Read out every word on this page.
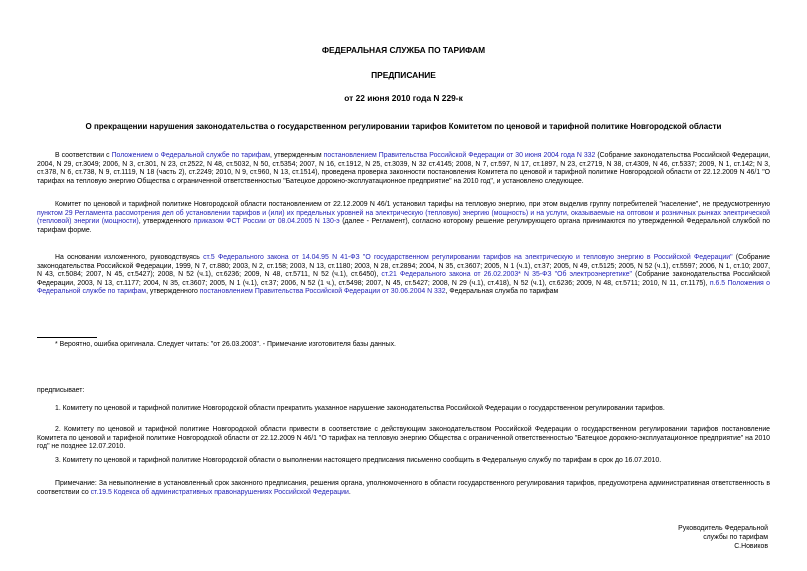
ФЕДЕРАЛЬНАЯ СЛУЖБА ПО ТАРИФАМ
ПРЕДПИСАНИЕ
от 22 июня 2010 года N 229-к
О прекращении нарушения законодательства о государственном регулировании тарифов Комитетом по ценовой и тарифной политике Новгородской области
В соответствии с Положением о Федеральной службе по тарифам, утвержденным постановлением Правительства Российской Федерации от 30 июня 2004 года N 332 (Собрание законодательства Российской Федерации, 2004, N 29, ст.3049; 2006, N 3, ст.301, N 23, ст.2522, N 48, ст.5032, N 50, ст.5354; 2007, N 16, ст.1912, N 25, ст.3039, N 32 ст.4145; 2008, N 7, ст.597, N 17, ст.1897, N 23, ст.2719, N 38, ст.4309, N 46, ст.5337; 2009, N 1, ст.142; N 3, ст.378, N 6, ст.738, N 9, ст.1119, N 18 (часть 2), ст.2249; 2010, N 9, ст.960, N 13, ст.1514), проведена проверка законности постановления Комитета по ценовой и тарифной политике Новгородской области от 22.12.2009 N 46/1 "О тарифах на тепловую энергию Общества с ограниченной ответственностью "Батецкое дорожно-эксплуатационное предприятие" на 2010 год", и установлено следующее.
Комитет по ценовой и тарифной политике Новгородской области постановлением от 22.12.2009 N 46/1 установил тарифы на тепловую энергию, при этом выделив группу потребителей "население", не предусмотренную пунктом 29 Регламента рассмотрения дел об установлении тарифов и (или) их предельных уровней на электрическую (тепловую) энергию (мощность) и на услуги, оказываемые на оптовом и розничных рынках электрической (тепловой) энергии (мощности), утвержденного приказом ФСТ России от 08.04.2005 N 130-э (далее - Регламент), согласно которому решение регулирующего органа принимаются по утвержденной Федеральной службой по тарифам форме.
На основании изложенного, руководствуясь ст.5 Федерального закона от 14.04.95 N 41-ФЗ "О государственном регулировании тарифов на электрическую и тепловую энергию в Российской Федерации" (Собрание законодательства Российской Федерации, 1999, N 7, ст.880; 2003, N 2, ст.158; 2003, N 13, ст.1180; 2003, N 28, ст.2894; 2004, N 35, ст.3607; 2005, N 1 (ч.1), ст.37; 2005, N 49, ст.5125; 2005, N 52 (ч.1), ст.5597; 2006, N 1, ст.10; 2007, N 43, ст.5084; 2007, N 45, ст.5427); 2008, N 52 (ч.1), ст.6236; 2009, N 48, ст.5711, N 52 (ч.1), ст.6450), ст.21 Федерального закона от 26.02.2003* N 35-ФЗ "Об электроэнергетике" (Собрание законодательства Российской Федерации, 2003, N 13, ст.1177; 2004, N 35, ст.3607; 2005, N 1 (ч.1), ст.37; 2006, N 52 (1 ч.), ст.5498; 2007, N 45, ст.5427; 2008, N 29 (ч.1), ст.418), N 52 (ч.1), ст.6236; 2009, N 48, ст.5711; 2010, N 11, ст.1175), п.6.5 Положения о Федеральной службе по тарифам, утвержденного постановлением Правительства Российской Федерации от 30.06.2004 N 332, Федеральная служба по тарифам
* Вероятно, ошибка оригинала. Следует читать: "от 26.03.2003". - Примечание изготовителя базы данных.
предписывает:
1. Комитету по ценовой и тарифной политике Новгородской области прекратить указанное нарушение законодательства Российской Федерации о государственном регулировании тарифов.
2. Комитету по ценовой и тарифной политике Новгородской области привести в соответствие с действующим законодательством Российской Федерации о государственном регулировании тарифов постановление Комитета по ценовой и тарифной политике Новгородской области от 22.12.2009 N 46/1 "О тарифах на тепловую энергию Общества с ограниченной ответственностью "Батецкое дорожно-эксплуатационное предприятие" на 2010 год" не позднее 12.07.2010.
3. Комитету по ценовой и тарифной политике Новгородской области о выполнении настоящего предписания письменно сообщить в Федеральную службу по тарифам в срок до 16.07.2010.
Примечание: За невыполнение в установленный срок законного предписания, решения органа, уполномоченного в области государственного регулирования тарифов, предусмотрена административная ответственность в соответствии со ст.19.5 Кодекса об административных правонарушениях Российской Федерации.
Руководитель Федеральной
службы по тарифам
С.Новиков
